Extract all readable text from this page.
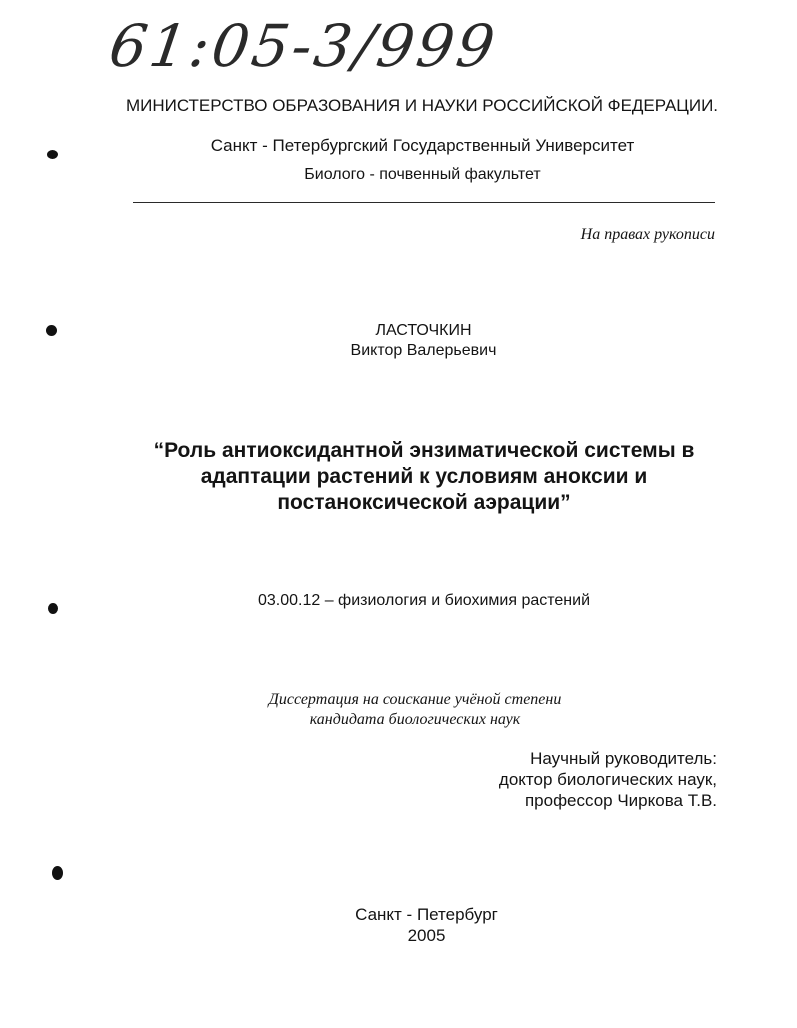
61:05-3/999
МИНИСТЕРСТВО ОБРАЗОВАНИЯ И НАУКИ РОССИЙСКОЙ ФЕДЕРАЦИИ.
Санкт - Петербургский Государственный Университет
Биолого - почвенный факультет
На правах рукописи
ЛАСТОЧКИН
Виктор Валерьевич
“Роль антиоксидантной энзиматической системы в адаптации растений к условиям аноксии и постаноксической аэрации”
03.00.12 – физиология и биохимия растений
Диссертация на соискание учёной степени
кандидата биологических наук
Научный руководитель:
доктор биологических наук,
профессор Чиркова Т.В.
Санкт - Петербург
2005
